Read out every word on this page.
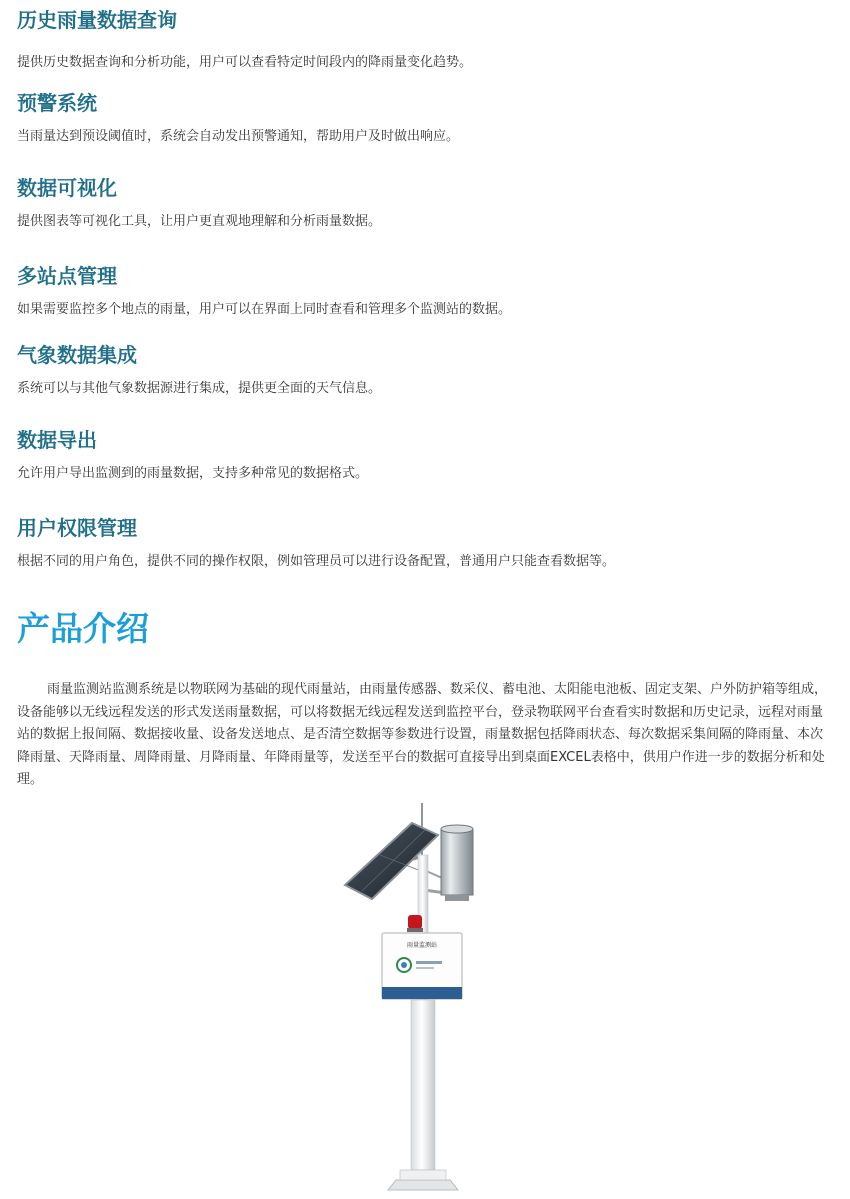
历史雨量数据查询

提供历史数据查询和分析功能，用户可以查看特定时间段内的降雨量变化趋势。

预警系统

当雨量达到预设阈值时，系统会自动发出预警通知，帮助用户及时做出响应。

数据可视化

提供图表等可视化工具，让用户更直观地理解和分析雨量数据。

多站点管理

如果需要监控多个地点的雨量，用户可以在界面上同时查看和管理多个监测站的数据。

气象数据集成

系统可以与其他气象数据源进行集成，提供更全面的天气信息。

数据导出

允许用户导出监测到的雨量数据，支持多种常见的数据格式。

用户权限管理

根据不同的用户角色，提供不同的操作权限，例如管理员可以进行设备配置，普通用户只能查看数据等。

产品介绍

雨量监测站监测系统是以物联网为基础的现代雨量站，由雨量传感器、数采仪、蓄电池、太阳能电池板、固定支架、户外防护箱等组成，设备能够以无线远程发送的形式发送雨量数据，可以将数据无线远程发送到监控平台，登录物联网平台查看实时数据和历史记录，远程对雨量站的数据上报间隔、数据接收量、设备发送地点、是否清空数据等参数进行设置，雨量数据包括降雨状态、每次数据采集间隔的降雨量、本次降雨量、天降雨量、周降雨量、月降雨量、年降雨量等，发送至平台的数据可直接导出到桌面EXCEL表格中，供用户作进一步的数据分析和处理。

雨量监测站
